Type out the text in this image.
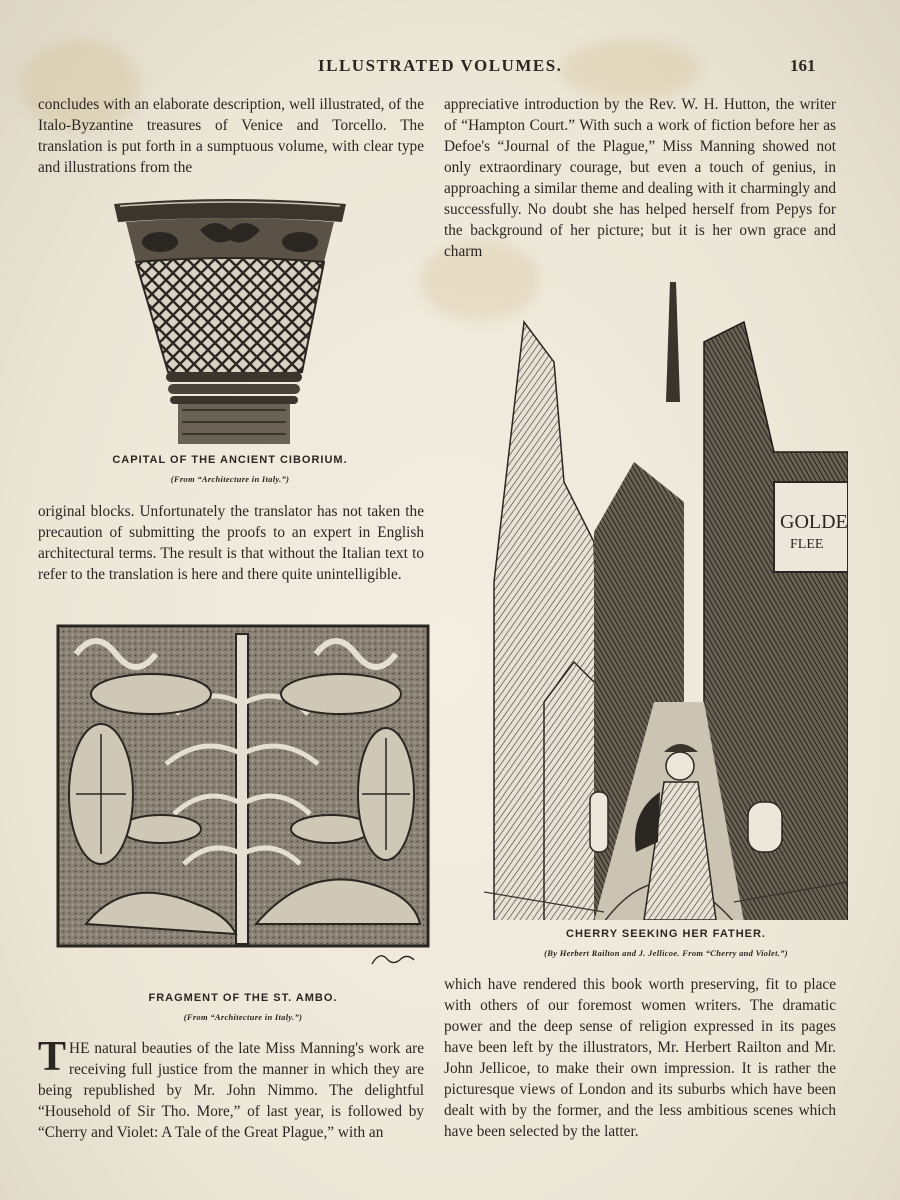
ILLUSTRATED VOLUMES.	161

concludes with an elaborate description, well illustrated, of the Italo-Byzantine treasures of Venice and Torcello. The translation is put forth in a sumptuous volume, with clear type and illustrations from the

CAPITAL OF THE ANCIENT CIBORIUM.
(From “Architecture in Italy.”)

original blocks. Unfortunately the translator has not taken the precaution of submitting the proofs to an expert in English architectural terms. The result is that without the Italian text to refer to the translation is here and there quite unintelligible.

FRAGMENT OF THE ST. AMBO.
(From “Architecture in Italy.”)

THE natural beauties of the late Miss Manning's work are receiving full justice from the manner in which they are being republished by Mr. John Nimmo. The delightful “Household of Sir Tho. More,” of last year, is followed by “Cherry and Violet: A Tale of the Great Plague,” with an

appreciative introduction by the Rev. W. H. Hutton, the writer of “Hampton Court.” With such a work of fiction before her as Defoe's “Journal of the Plague,” Miss Manning showed not only extraordinary courage, but even a touch of genius, in approaching a similar theme and dealing with it charmingly and successfully. No doubt she has helped herself from Pepys for the background of her picture; but it is her own grace and charm

GOLDE
FLEE
CHERRY SEEKING HER FATHER.
(By Herbert Railton and J. Jellicoe. From “Cherry and Violet.”)

which have rendered this book worth preserving, fit to place with others of our foremost women writers. The dramatic power and the deep sense of religion expressed in its pages have been left by the illustrators, Mr. Herbert Railton and Mr. John Jellicoe, to make their own impression. It is rather the picturesque views of London and its suburbs which have been dealt with by the former, and the less ambitious scenes which have been selected by the latter.
